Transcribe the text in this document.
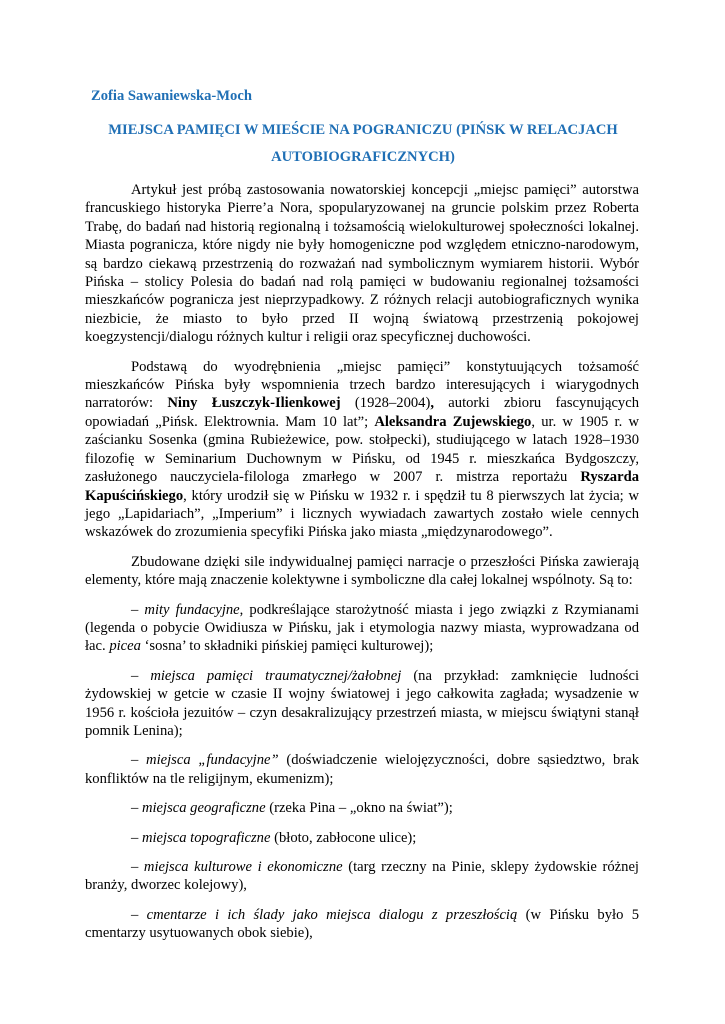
Zofia Sawaniewska-Moch
MIEJSCA PAMIĘCI W MIEŚCIE NA POGRANICZU (PIŃSK W RELACJACH
AUTOBIOGRAFICZNYCH)

Artykuł jest próbą zastosowania nowatorskiej koncepcji „miejsc pamięci” autorstwa francuskiego historyka Pierre’a Nora, spopularyzowanej na gruncie polskim przez Roberta Trabę, do badań nad historią regionalną i tożsamością wielokulturowej społeczności lokalnej. Miasta pogranicza, które nigdy nie były homogeniczne pod względem etniczno-narodowym, są bardzo ciekawą przestrzenią do rozważań nad symbolicznym wymiarem historii. Wybór Pińska – stolicy Polesia do badań nad rolą pamięci w budowaniu regionalnej tożsamości mieszkańców pogranicza jest nieprzypadkowy. Z różnych relacji autobiograficznych wynika niezbicie, że miasto to było przed II wojną światową przestrzenią pokojowej koegzystencji/dialogu różnych kultur i religii oraz specyficznej duchowości.

Podstawą do wyodrębnienia „miejsc pamięci” konstytuujących tożsamość mieszkańców Pińska były wspomnienia trzech bardzo interesujących i wiarygodnych narratorów: Niny Łuszczyk-Ilienkowej (1928–2004), autorki zbioru fascynujących opowiadań „Pińsk. Elektrownia. Mam 10 lat”; Aleksandra Zujewskiego, ur. w 1905 r. w zaścianku Sosenka (gmina Rubieżewice, pow. stołpecki), studiującego w latach 1928–1930 filozofię w Seminarium Duchownym w Pińsku, od 1945 r. mieszkańca Bydgoszczy, zasłużonego nauczyciela-filologa zmarłego w 2007 r. mistrza reportażu Ryszarda Kapuścińskiego, który urodził się w Pińsku w 1932 r. i spędził tu 8 pierwszych lat życia; w jego „Lapidariach”, „Imperium” i licznych wywiadach zawartych zostało wiele cennych wskazówek do zrozumienia specyfiki Pińska jako miasta „międzynarodowego”.

Zbudowane dzięki sile indywidualnej pamięci narracje o przeszłości Pińska zawierają elementy, które mają znaczenie kolektywne i symboliczne dla całej lokalnej wspólnoty. Są to:

– mity fundacyjne, podkreślające starożytność miasta i jego związki z Rzymianami (legenda o pobycie Owidiusza w Pińsku, jak i etymologia nazwy miasta, wyprowadzana od łac. picea ‘sosna’ to składniki pińskiej pamięci kulturowej);

– miejsca pamięci traumatycznej/żałobnej (na przykład: zamknięcie ludności żydowskiej w getcie w czasie II wojny światowej i jego całkowita zagłada; wysadzenie w 1956 r. kościoła jezuitów – czyn desakralizujący przestrzeń miasta, w miejscu świątyni stanął pomnik Lenina);

– miejsca „fundacyjne” (doświadczenie wielojęzyczności, dobre sąsiedztwo, brak konfliktów na tle religijnym, ekumenizm);

– miejsca geograficzne (rzeka Pina – „okno na świat”);

– miejsca topograficzne (błoto, zabłocone ulice);

– miejsca kulturowe i ekonomiczne (targ rzeczny na Pinie, sklepy żydowskie różnej branży, dworzec kolejowy),

– cmentarze i ich ślady jako miejsca dialogu z przeszłością (w Pińsku było 5 cmentarzy usytuowanych obok siebie),
